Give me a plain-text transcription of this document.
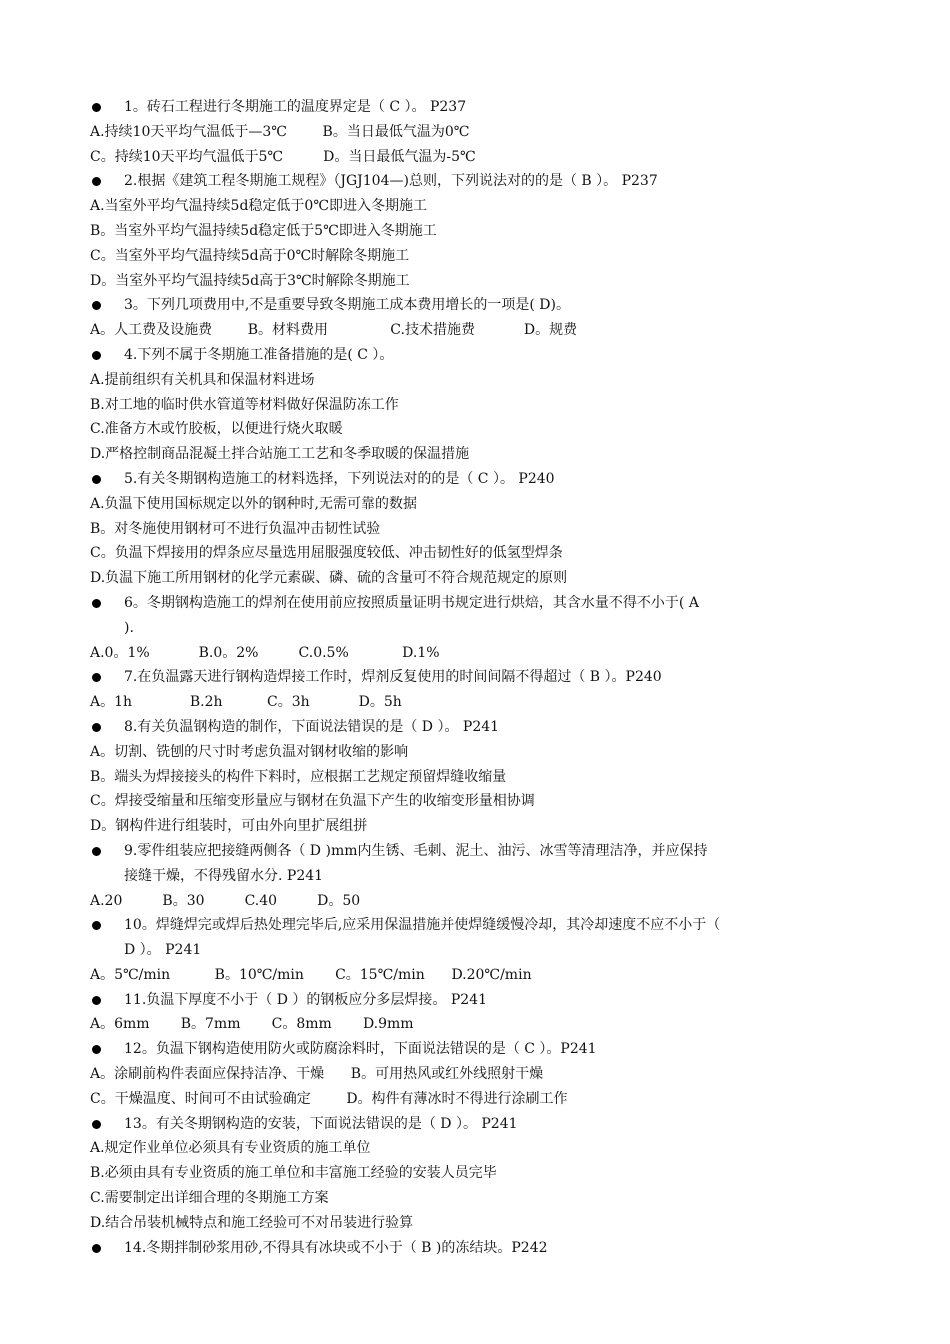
1。砖石工程进行冬期施工的温度界定是（ C ）。 P237
A.持续10天平均气温低于—3℃        B。当日最低气温为0℃
C。持续10天平均气温低于5℃         D。当日最低气温为-5℃
2.根据《建筑工程冬期施工规程》（JGJ104—)总则，下列说法对的的是（ B ）。 P237
A.当室外平均气温持续5d稳定低于0℃即进入冬期施工
B。当室外平均气温持续5d稳定低于5℃即进入冬期施工
C。当室外平均气温持续5d高于0℃时解除冬期施工
D。当室外平均气温持续5d高于3℃时解除冬期施工
3。下列几项费用中,不是重要导致冬期施工成本费用增长的一项是( D)。
A。人工费及设施费        B。材料费用              C.技术措施费           D。规费
4.下列不属于冬期施工准备措施的是( C ）。
A.提前组织有关机具和保温材料进场
B.对工地的临时供水管道等材料做好保温防冻工作
C.准备方木或竹胶板，以便进行烧火取暖
D.严格控制商品混凝土拌合站施工工艺和冬季取暖的保温措施
5.有关冬期钢构造施工的材料选择，下列说法对的的是（ C ）。 P240
A.负温下使用国标规定以外的钢种时,无需可靠的数据
B。对冬施使用钢材可不进行负温冲击韧性试验
C。负温下焊接用的焊条应尽量选用屈服强度较低、冲击韧性好的低氢型焊条
D.负温下施工所用钢材的化学元素碳、磷、硫的含量可不符合规范规定的原则
6。冬期钢构造施工的焊剂在使用前应按照质量证明书规定进行烘焙，其含水量不得不小于( A
).
A.0。1%           B.0。2%         C.0.5%            D.1%
7.在负温露天进行钢构造焊接工作时，焊剂反复使用的时间间隔不得超过（ B ）。P240
A。1h             B.2h          C。3h           D。5h
8.有关负温钢构造的制作，下面说法错误的是（ D ）。 P241
A。切割、铣刨的尺寸时考虑负温对钢材收缩的影响
B。端头为焊接接头的构件下料时，应根据工艺规定预留焊缝收缩量
C。焊接受缩量和压缩变形量应与钢材在负温下产生的收缩变形量相协调
D。钢构件进行组装时，可由外向里扩展组拼
9.零件组装应把接缝两侧各（ D )mm内生锈、毛刺、泥土、油污、冰雪等清理洁净，并应保持
接缝干燥，不得残留水分. P241
A.20         B。30         C.40         D。50
10。焊缝焊完或焊后热处理完毕后,应采用保温措施并使焊缝缓慢冷却，其冷却速度不应不小于（
D ）。 P241
A。5℃/min          B。10℃/min       C。15℃/min      D.20℃/min
11.负温下厚度不小于（ D ）的钢板应分多层焊接。 P241
A。6mm       B。7mm       C。8mm       D.9mm
12。负温下钢构造使用防火或防腐涂料时，下面说法错误的是（ C ）。P241
A。涂刷前构件表面应保持洁净、干燥      B。可用热风或红外线照射干燥
C。干燥温度、时间可不由试验确定        D。构件有薄冰时不得进行涂刷工作
13。有关冬期钢构造的安装，下面说法错误的是（ D ）。 P241
A.规定作业单位必须具有专业资质的施工单位
B.必须由具有专业资质的施工单位和丰富施工经验的安装人员完毕
C.需要制定出详细合理的冬期施工方案
D.结合吊装机械特点和施工经验可不对吊装进行验算
14.冬期拌制砂浆用砂,不得具有冰块或不小于（ B )的冻结块。P242
